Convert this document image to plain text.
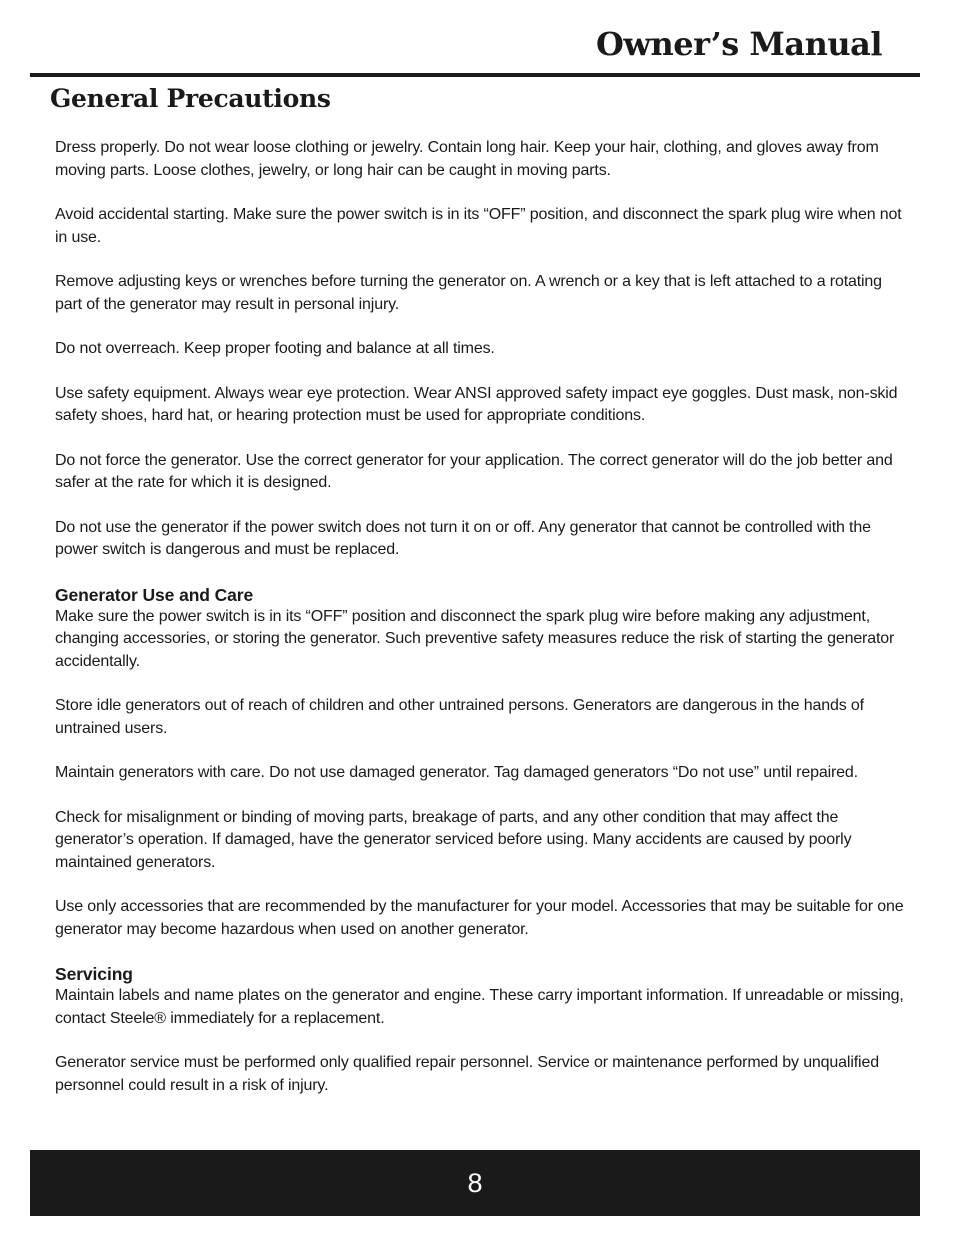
Owner’s Manual
General Precautions

Dress properly. Do not wear loose clothing or jewelry. Contain long hair. Keep your hair, clothing, and gloves away from moving parts. Loose clothes, jewelry, or long hair can be caught in moving parts.

Avoid accidental starting. Make sure the power switch is in its “OFF” position, and disconnect the spark plug wire when not in use.

Remove adjusting keys or wrenches before turning the generator on. A wrench or a key that is left attached to a rotating part of the generator may result in personal injury.

Do not overreach. Keep proper footing and balance at all times.

Use safety equipment. Always wear eye protection. Wear ANSI approved safety impact eye goggles. Dust mask, non-skid safety shoes, hard hat, or hearing protection must be used for appropriate conditions.

Do not force the generator. Use the correct generator for your application. The correct generator will do the job better and safer at the rate for which it is designed.

Do not use the generator if the power switch does not turn it on or off. Any generator that cannot be controlled with the power switch is dangerous and must be replaced.

Generator Use and Care

Make sure the power switch is in its “OFF” position and disconnect the spark plug wire before making any adjustment, changing accessories, or storing the generator. Such preventive safety measures reduce the risk of starting the generator accidentally.

Store idle generators out of reach of children and other untrained persons. Generators are dangerous in the hands of untrained users.

Maintain generators with care. Do not use damaged generator. Tag damaged generators “Do not use” until repaired.

Check for misalignment or binding of moving parts, breakage of parts, and any other condition that may affect the generator’s operation. If damaged, have the generator serviced before using. Many accidents are caused by poorly maintained generators.

Use only accessories that are recommended by the manufacturer for your model. Accessories that may be suitable for one generator may become hazardous when used on another generator.

Servicing

Maintain labels and name plates on the generator and engine. These carry important information. If unreadable or missing, contact Steele® immediately for a replacement.

Generator service must be performed only qualified repair personnel. Service or maintenance performed by unqualified personnel could result in a risk of injury.

8
